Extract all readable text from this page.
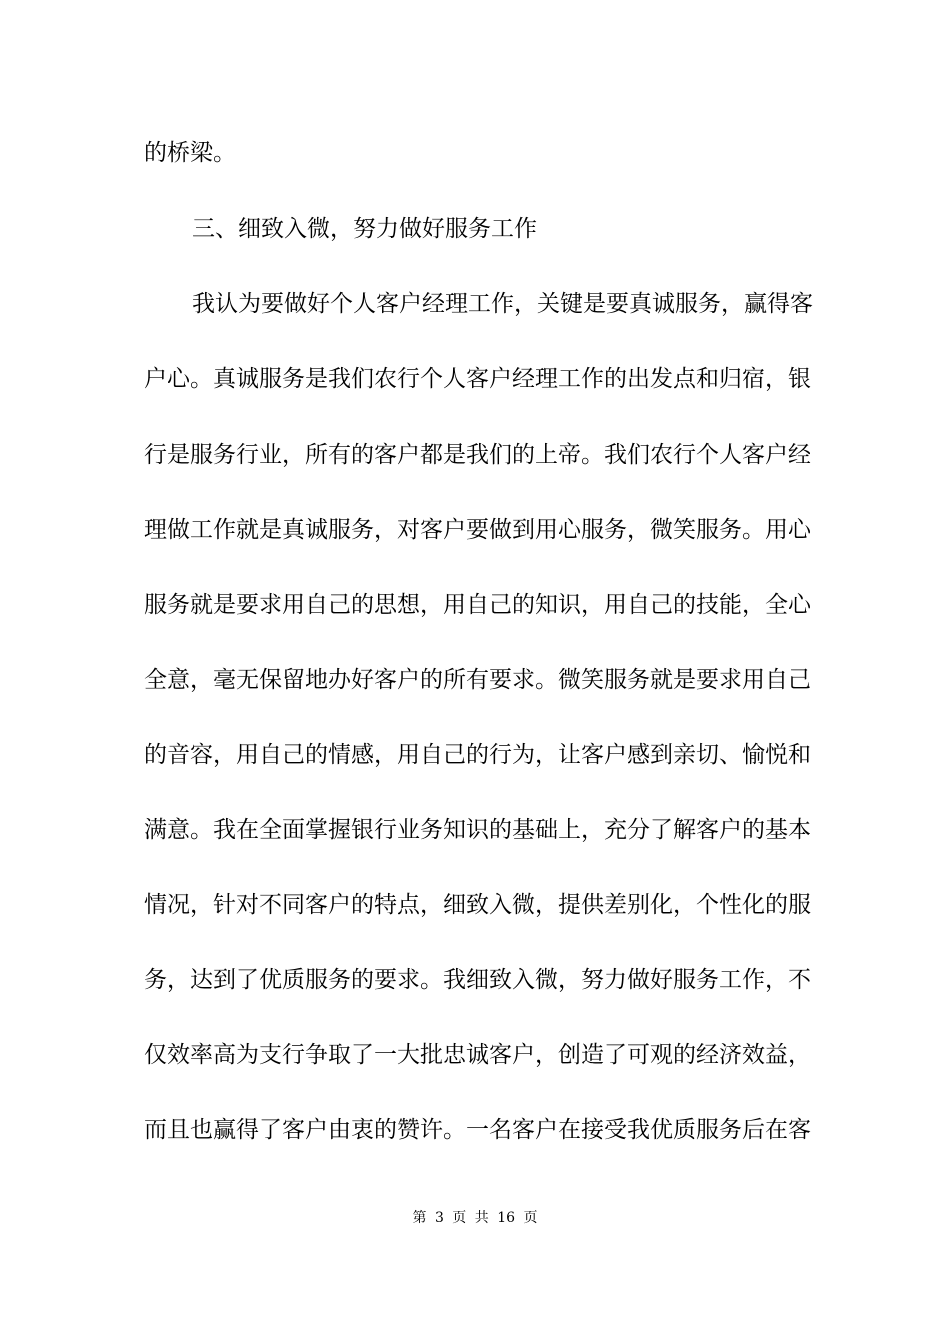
的桥梁。
三、细致入微，努力做好服务工作
我认为要做好个人客户经理工作，关键是要真诚服务，赢得客
户心。真诚服务是我们农行个人客户经理工作的出发点和归宿，银
行是服务行业，所有的客户都是我们的上帝。我们农行个人客户经
理做工作就是真诚服务，对客户要做到用心服务，微笑服务。用心
服务就是要求用自己的思想，用自己的知识，用自己的技能，全心
全意，毫无保留地办好客户的所有要求。微笑服务就是要求用自己
的音容，用自己的情感，用自己的行为，让客户感到亲切、愉悦和
满意。我在全面掌握银行业务知识的基础上，充分了解客户的基本
情况，针对不同客户的特点，细致入微，提供差别化，个性化的服
务，达到了优质服务的要求。我细致入微，努力做好服务工作，不
仅效率高为支行争取了一大批忠诚客户，创造了可观的经济效益，
而且也赢得了客户由衷的赞许。一名客户在接受我优质服务后在客
第 3 页 共 16 页
